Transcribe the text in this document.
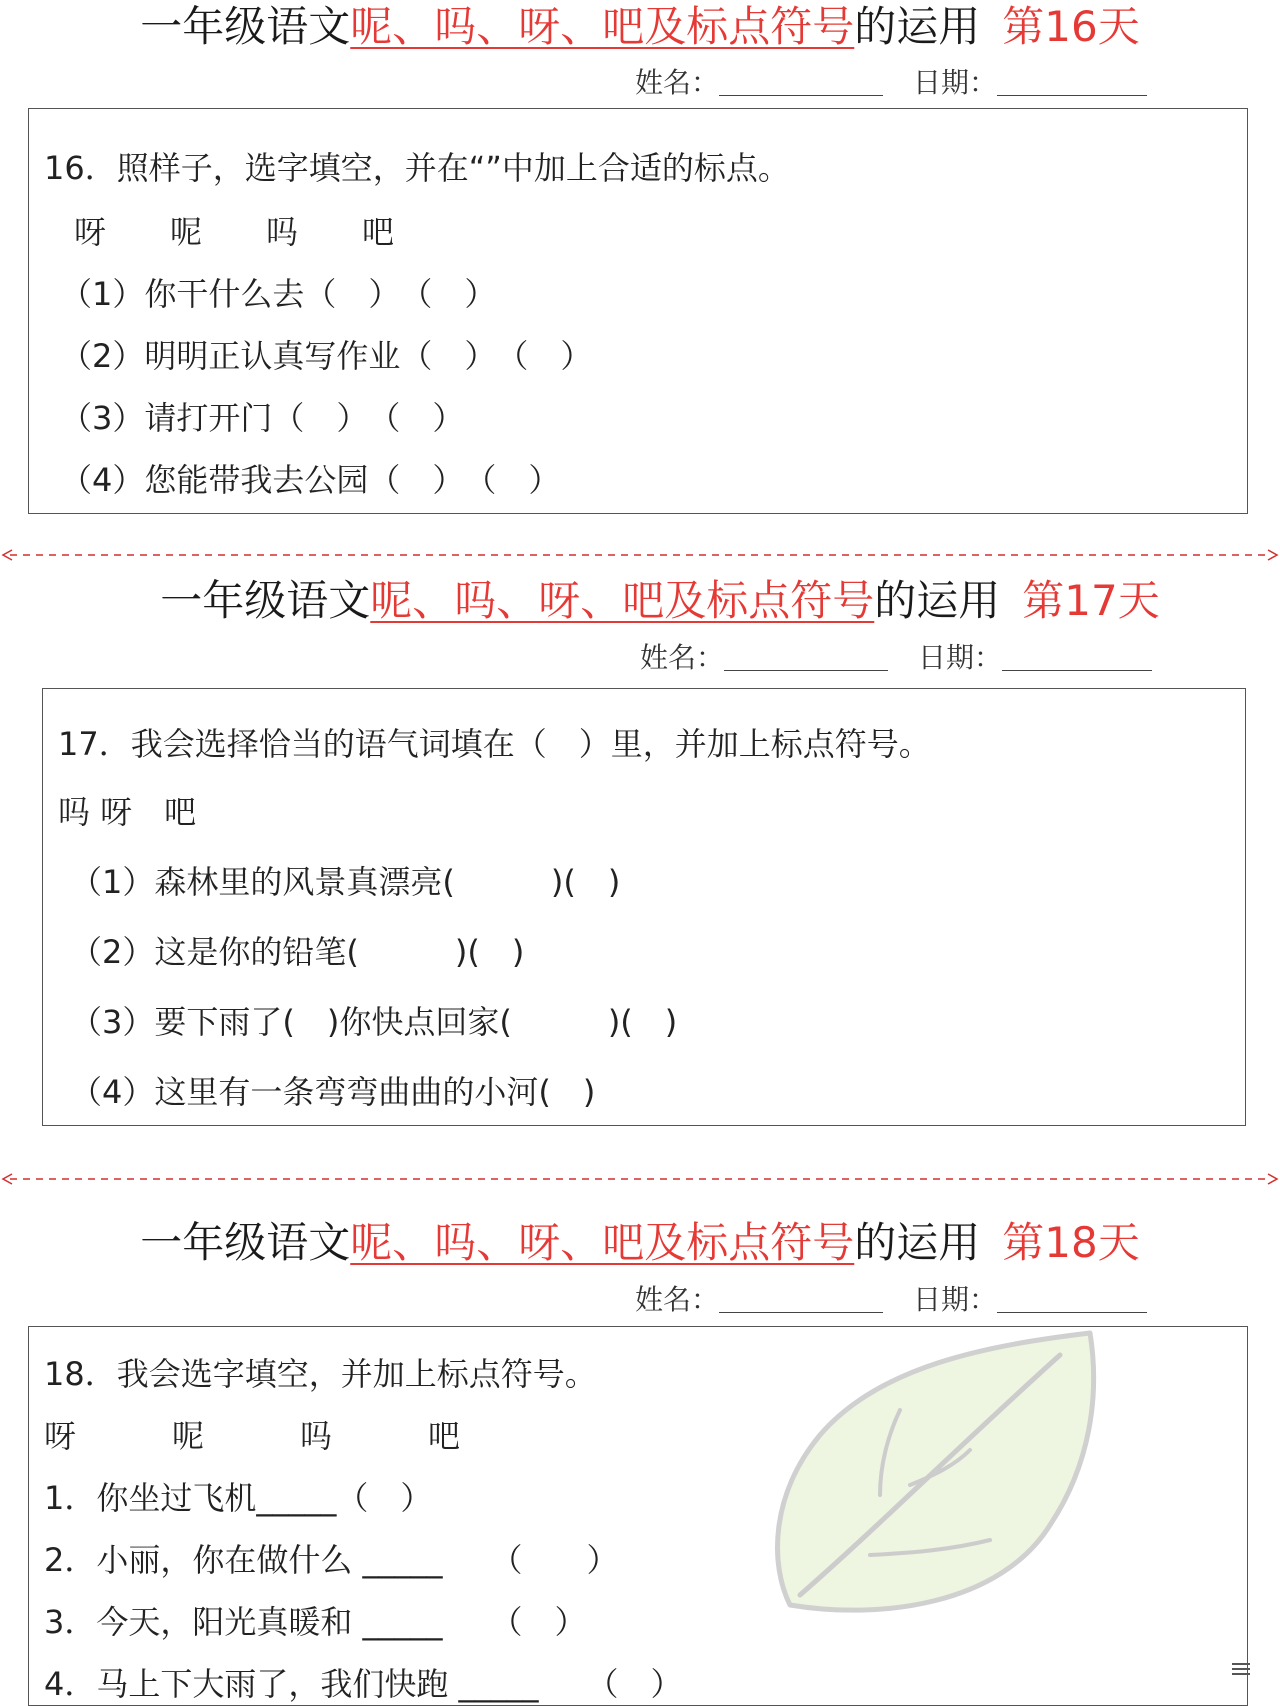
一年级语文呢、吗、呀、吧及标点符号的运用 第16天
姓名：	日期：
16．照样子，选字填空，并在“”中加上合适的标点。
呀　　呢　　吗　　吧
（1）你干什么去（　）　（　）
（2）明明正认真写作业（　）　（　）
（3）请打开门（　）　（　）
（4）您能带我去公园（　）　（　）
一年级语文呢、吗、呀、吧及标点符号的运用 第17天
姓名：	日期：
17．我会选择恰当的语气词填在（　）里，并加上标点符号。
吗 呀　吧
（1）森林里的风景真漂亮(　　　)(　)
（2）这是你的铅笔(　　　)(　)
（3）要下雨了(　)你快点回家(　　　)(　)
（4）这里有一条弯弯曲曲的小河(　)
一年级语文呢、吗、呀、吧及标点符号的运用 第18天
姓名：	日期：
18．我会选字填空，并加上标点符号。
呀　　　呢　　　吗　　　吧
1．你坐过飞机_____（　）
2．小丽，你在做什么 _____　　（　　）
3．今天，阳光真暖和 _____　　（　）
4．马上下大雨了，我们快跑 _____　　（　）
